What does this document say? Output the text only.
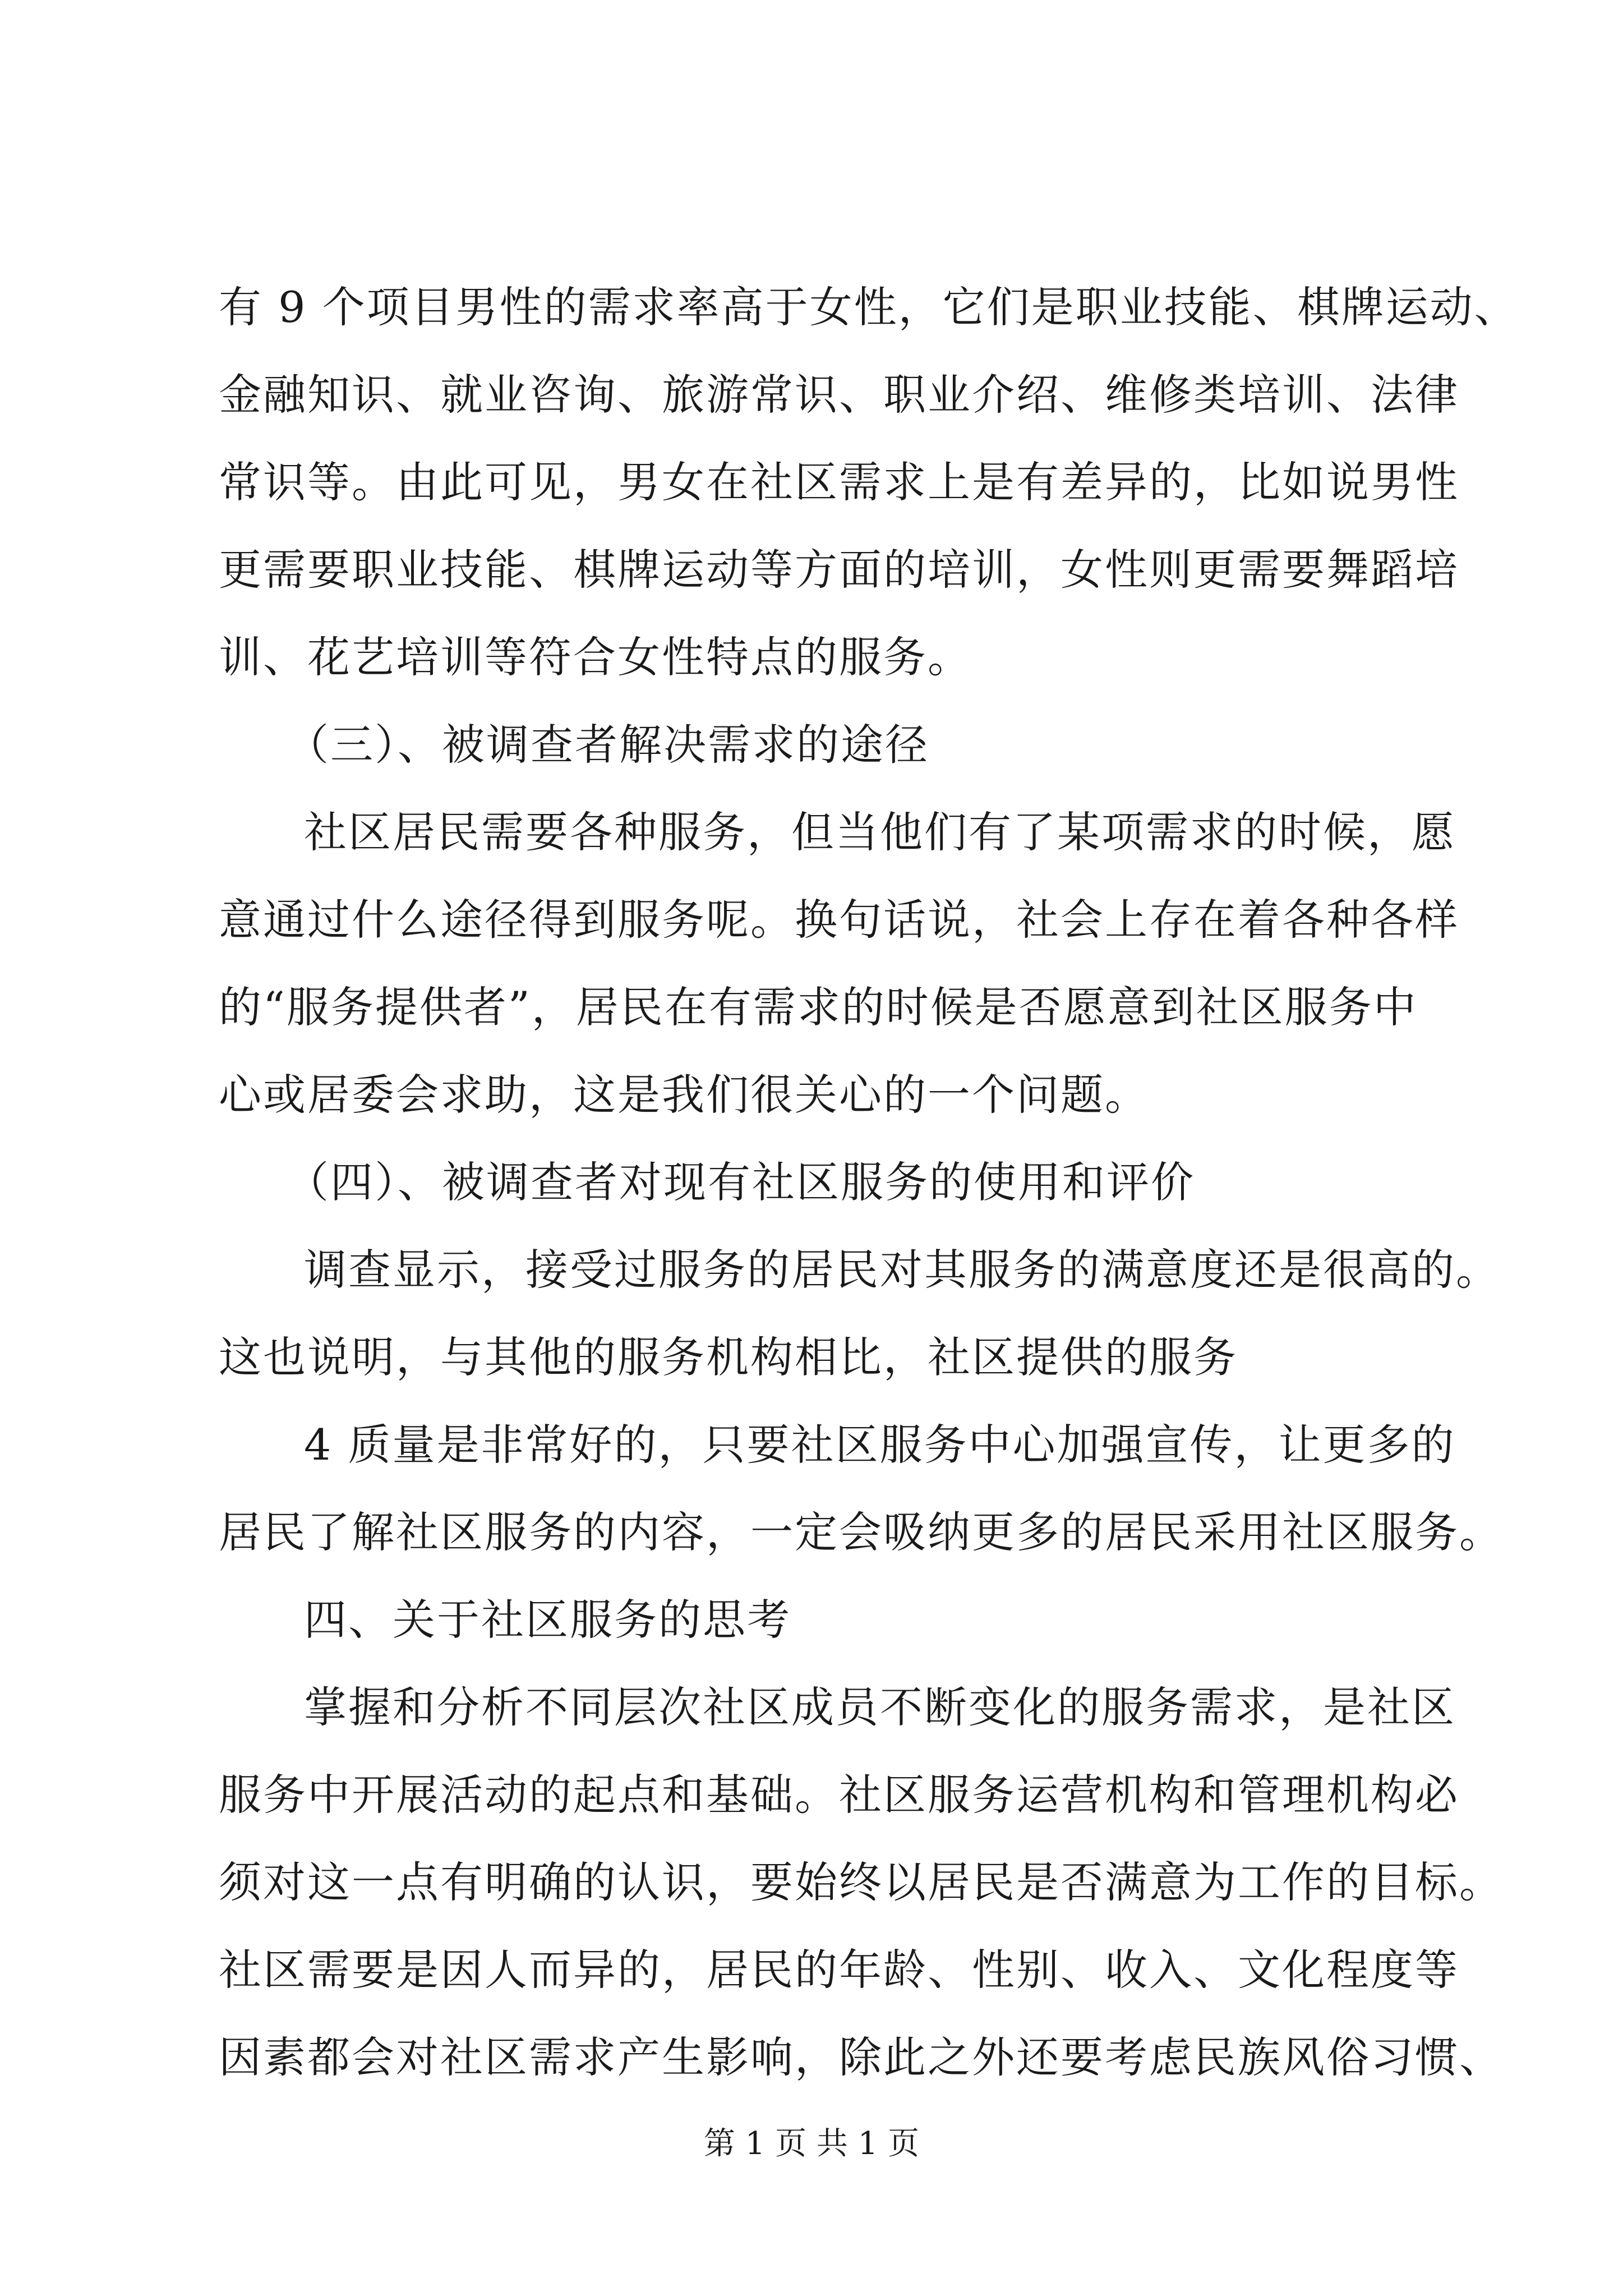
有 9 个项目男性的需求率高于女性，它们是职业技能、棋牌运动、
金融知识、就业咨询、旅游常识、职业介绍、维修类培训、法律
常识等。由此可见，男女在社区需求上是有差异的，比如说男性
更需要职业技能、棋牌运动等方面的培训，女性则更需要舞蹈培
训、花艺培训等符合女性特点的服务。
（三）、被调查者解决需求的途径
社区居民需要各种服务，但当他们有了某项需求的时候，愿
意通过什么途径得到服务呢。换句话说，社会上存在着各种各样
的“服务提供者”，居民在有需求的时候是否愿意到社区服务中
心或居委会求助，这是我们很关心的一个问题。
（四）、被调查者对现有社区服务的使用和评价
调查显示，接受过服务的居民对其服务的满意度还是很高的。
这也说明，与其他的服务机构相比，社区提供的服务
4 质量是非常好的，只要社区服务中心加强宣传，让更多的
居民了解社区服务的内容，一定会吸纳更多的居民采用社区服务。
四、关于社区服务的思考
掌握和分析不同层次社区成员不断变化的服务需求，是社区
服务中开展活动的起点和基础。社区服务运营机构和管理机构必
须对这一点有明确的认识，要始终以居民是否满意为工作的目标。
社区需要是因人而异的，居民的年龄、性别、收入、文化程度等
因素都会对社区需求产生影响，除此之外还要考虑民族风俗习惯、
第 1 页 共 1 页
